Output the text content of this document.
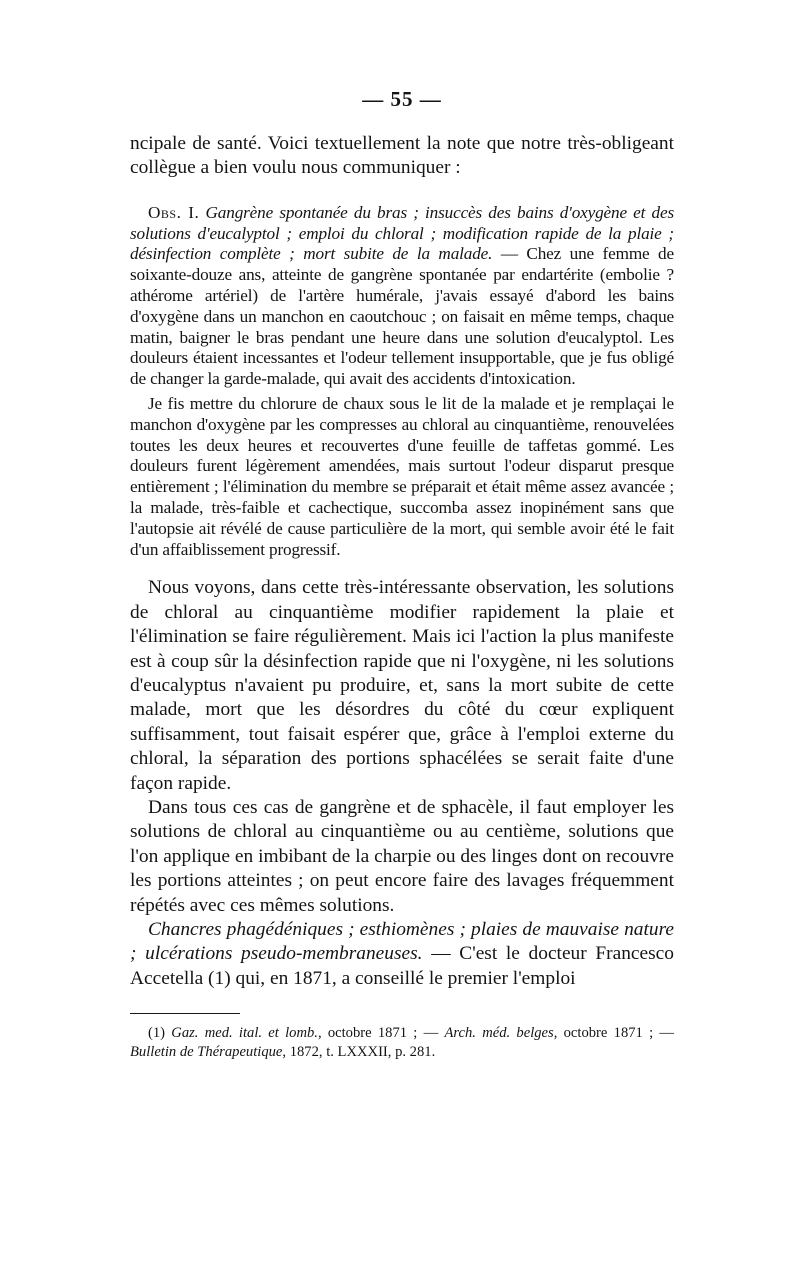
— 55 —

ncipale de santé. Voici textuellement la note que notre très-obligeant collègue a bien voulu nous communiquer :

Obs. I. Gangrène spontanée du bras ; insuccès des bains d'oxygène et des solutions d'eucalyptol ; emploi du chloral ; modification rapide de la plaie ; désinfection complète ; mort subite de la malade. — Chez une femme de soixante-douze ans, atteinte de gangrène spontanée par endartérite (embolie ? athérome artériel) de l'artère humérale, j'avais essayé d'abord les bains d'oxygène dans un manchon en caoutchouc ; on faisait en même temps, chaque matin, baigner le bras pendant une heure dans une solution d'eucalyptol. Les douleurs étaient incessantes et l'odeur tellement insupportable, que je fus obligé de changer la garde-malade, qui avait des accidents d'intoxication.

Je fis mettre du chlorure de chaux sous le lit de la malade et je remplaçai le manchon d'oxygène par les compresses au chloral au cinquantième, renouvelées toutes les deux heures et recouvertes d'une feuille de taffetas gommé. Les douleurs furent légèrement amendées, mais surtout l'odeur disparut presque entièrement ; l'élimination du membre se préparait et était même assez avancée ; la malade, très-faible et cachectique, succomba assez inopinément sans que l'autopsie ait révélé de cause particulière de la mort, qui semble avoir été le fait d'un affaiblissement progressif.

Nous voyons, dans cette très-intéressante observation, les solutions de chloral au cinquantième modifier rapidement la plaie et l'élimination se faire régulièrement. Mais ici l'action la plus manifeste est à coup sûr la désinfection rapide que ni l'oxygène, ni les solutions d'eucalyptus n'avaient pu produire, et, sans la mort subite de cette malade, mort que les désordres du côté du cœur expliquent suffisamment, tout faisait espérer que, grâce à l'emploi externe du chloral, la séparation des portions sphacélées se serait faite d'une façon rapide.

Dans tous ces cas de gangrène et de sphacèle, il faut employer les solutions de chloral au cinquantième ou au centième, solutions que l'on applique en imbibant de la charpie ou des linges dont on recouvre les portions atteintes ; on peut encore faire des lavages fréquemment répétés avec ces mêmes solutions.

Chancres phagédéniques ; esthiomènes ; plaies de mauvaise nature ; ulcérations pseudo-membraneuses. — C'est le docteur Francesco Accetella (1) qui, en 1871, a conseillé le premier l'emploi

(1) Gaz. med. ital. et lomb., octobre 1871 ; — Arch. méd. belges, octobre 1871 ; — Bulletin de Thérapeutique, 1872, t. LXXXII, p. 281.
